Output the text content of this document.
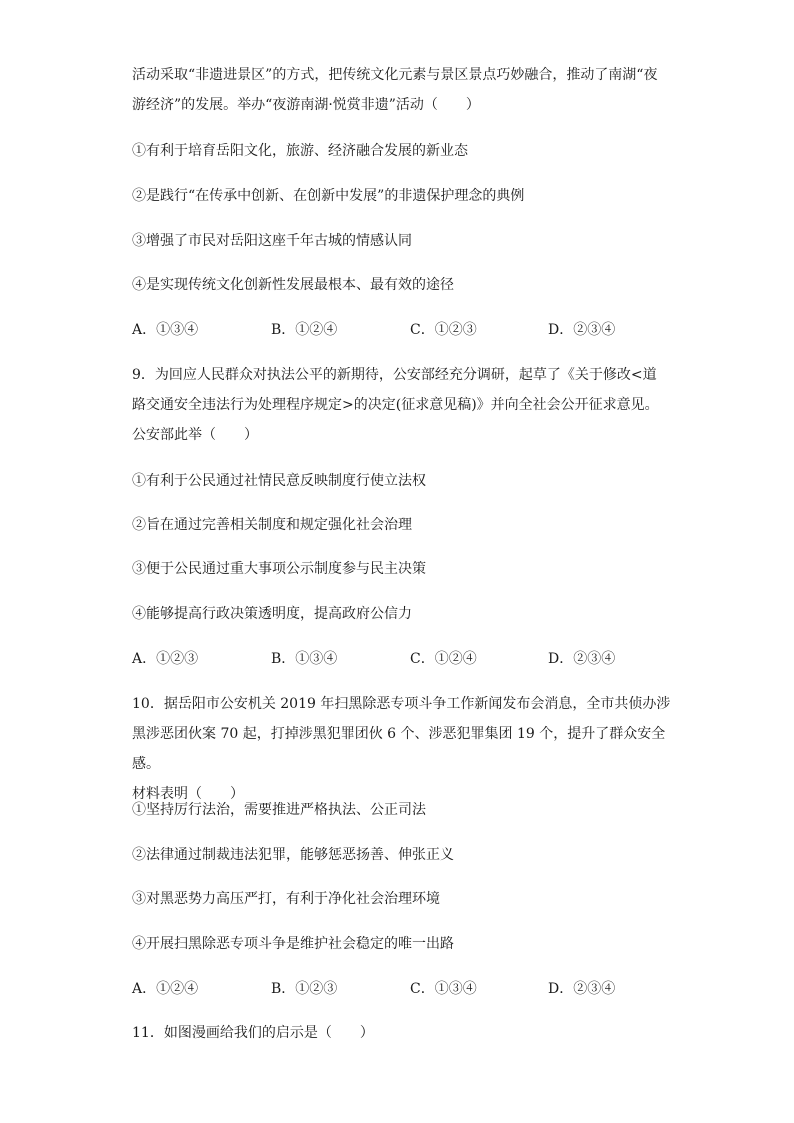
活动采取“非遗进景区”的方式，把传统文化元素与景区景点巧妙融合，推动了南湖“夜
游经济”的发展。举办“夜游南湖·悦赏非遗”活动（　　）
①有利于培育岳阳文化，旅游、经济融合发展的新业态
②是践行“在传承中创新、在创新中发展”的非遗保护理念的典例
③增强了市民对岳阳这座千年古城的情感认同
④是实现传统文化创新性发展最根本、最有效的途径
A．①③④	B．①②④	C．①②③	D．②③④
9．为回应人民群众对执法公平的新期待，公安部经充分调研，起草了《关于修改<道
路交通安全违法行为处理程序规定>的决定(征求意见稿)》并向全社会公开征求意见。
公安部此举（　　）
①有利于公民通过社情民意反映制度行使立法权
②旨在通过完善相关制度和规定强化社会治理
③便于公民通过重大事项公示制度参与民主决策
④能够提高行政决策透明度，提高政府公信力
A．①②③	B．①③④	C．①②④	D．②③④
10．据岳阳市公安机关 2019 年扫黑除恶专项斗争工作新闻发布会消息，全市共侦办涉
黑涉恶团伙案 70 起，打掉涉黑犯罪团伙 6 个、涉恶犯罪集团 19 个，提升了群众安全感。
材料表明（　　）
①坚持厉行法治，需要推进严格执法、公正司法
②法律通过制裁违法犯罪，能够惩恶扬善、伸张正义
③对黑恶势力高压严打，有利于净化社会治理环境
④开展扫黑除恶专项斗争是维护社会稳定的唯一出路
A．①②④	B．①②③	C．①③④	D．②③④
11．如图漫画给我们的启示是（　　）
